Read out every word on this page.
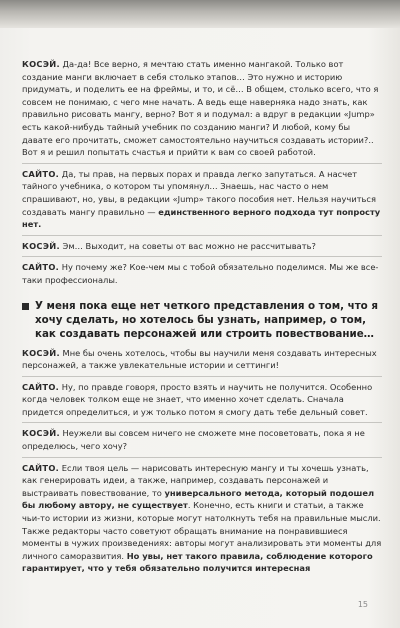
КОСЭЙ. Да-да! Все верно, я мечтаю стать именно мангакой. Только вот создание манги включает в себя столько этапов… Это нужно и историю придумать, и поделить ее на фреймы, и то, и сё… В общем, столько всего, что я совсем не понимаю, с чего мне начать. А ведь еще наверняка надо знать, как правильно рисовать мангу, верно? Вот я и подумал: а вдруг в редакции «Jump» есть какой-нибудь тайный учебник по созданию манги? И любой, кому бы давате его прочитать, сможет самостоятельно научиться создавать истории?.. Вот я и решил попытать счастья и прийти к вам со своей работой.

САЙТО. Да, ты прав, на первых порах и правда легко запутаться. А насчет тайного учебника, о котором ты упомянул… Знаешь, нас часто о нем спрашивают, но, увы, в редакции «Jump» такого пособия нет. Нельзя научиться создавать мангу правильно — единственного верного подхода тут попросту нет.

КОСЭЙ. Эм… Выходит, на советы от вас можно не рассчитывать?

САЙТО. Ну почему же? Кое-чем мы с тобой обязательно поделимся. Мы же все-таки профессионалы.

У меня пока еще нет четкого представления о том, что я хочу сделать, но хотелось бы узнать, например, о том, как создавать персонажей или строить повествование…

КОСЭЙ. Мне бы очень хотелось, чтобы вы научили меня создавать интересных персонажей, а также увлекательные истории и сеттинги!

САЙТО. Ну, по правде говоря, просто взять и научить не получится. Особенно когда человек толком еще не знает, что именно хочет сделать. Сначала придется определиться, и уж только потом я смогу дать тебе дельный совет.

КОСЭЙ. Неужели вы совсем ничего не сможете мне посоветовать, пока я не определюсь, чего хочу?

САЙТО. Если твоя цель — нарисовать интересную мангу и ты хочешь узнать, как генерировать идеи, а также, например, создавать персонажей и выстраивать повествование, то универсального метода, который подошел бы любому автору, не существует. Конечно, есть книги и статьи, а также чьи-то истории из жизни, которые могут натолкнуть тебя на правильные мысли. Также редакторы часто советуют обращать внимание на понравившиеся моменты в чужих произведениях: авторы могут анализировать эти моменты для личного саморазвития. Но увы, нет такого правила, соблюдение которого гарантирует, что у тебя обязательно получится интересная

15
